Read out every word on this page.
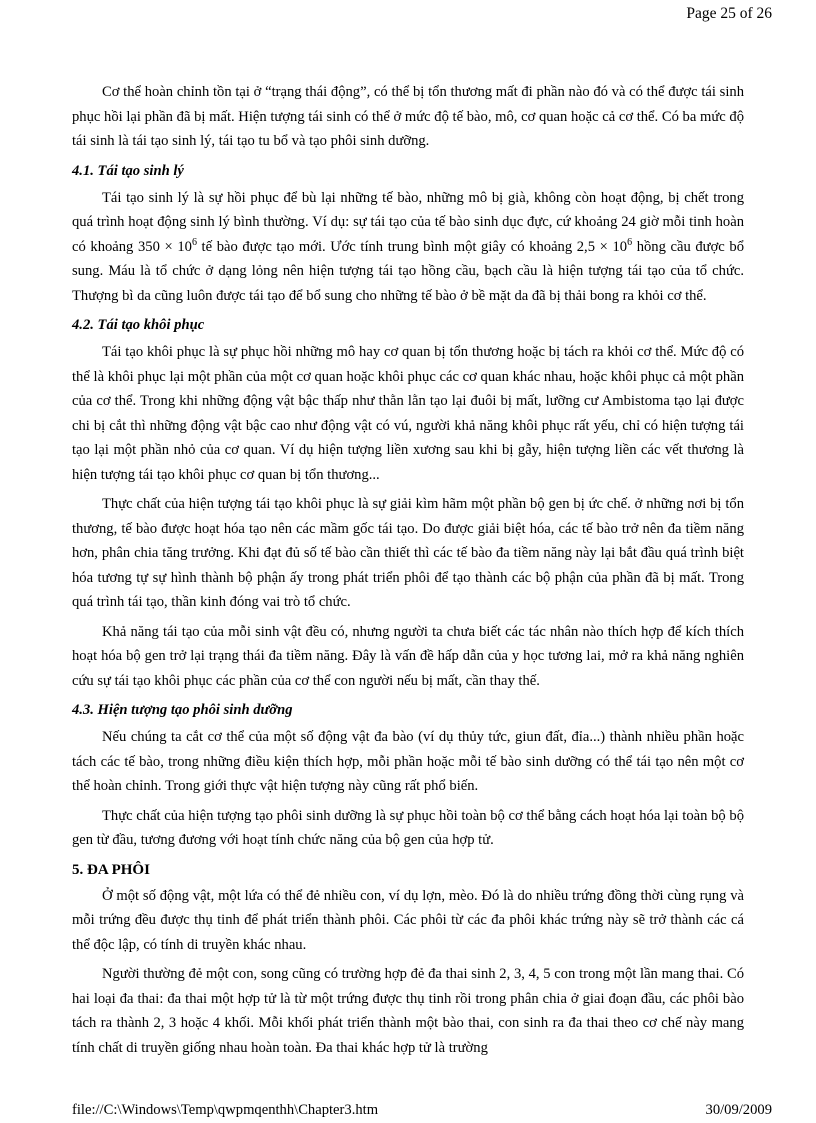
Page 25 of 26

Cơ thể hoàn chỉnh tồn tại ở “trạng thái động”, có thể bị tổn thương mất đi phần nào đó và có thể được tái sinh phục hồi lại phần đã bị mất. Hiện tượng tái sinh có thể ở mức độ tế bào, mô, cơ quan hoặc cả cơ thể. Có ba mức độ tái sinh là tái tạo sinh lý, tái tạo tu bổ và tạo phôi sinh dưỡng.

4.1. Tái tạo sinh lý

Tái tạo sinh lý là sự hồi phục để bù lại những tế bào, những mô bị già, không còn hoạt động, bị chết trong quá trình hoạt động sinh lý bình thường. Ví dụ: sự tái tạo của tế bào sinh dục đực, cứ khoảng 24 giờ mỗi tinh hoàn có khoảng $350 \times 10^6$ tế bào được tạo mới. Ước tính trung bình một giây có khoảng $2,5 \times 10^6$ hồng cầu được bổ sung. Máu là tổ chức ở dạng lỏng nên hiện tượng tái tạo hồng cầu, bạch cầu là hiện tượng tái tạo của tổ chức. Thượng bì da cũng luôn được tái tạo để bổ sung cho những tế bào ở bề mặt da đã bị thải bong ra khỏi cơ thể.

4.2. Tái tạo khôi phục

Tái tạo khôi phục là sự phục hồi những mô hay cơ quan bị tổn thương hoặc bị tách ra khỏi cơ thể. Mức độ có thể là khôi phục lại một phần của một cơ quan hoặc khôi phục các cơ quan khác nhau, hoặc khôi phục cả một phần của cơ thể. Trong khi những động vật bậc thấp như thằn lằn tạo lại đuôi bị mất, lưỡng cư Ambistoma tạo lại được chi bị cắt thì những động vật bậc cao như động vật có vú, người khả năng khôi phục rất yếu, chỉ có hiện tượng tái tạo lại một phần nhỏ của cơ quan. Ví dụ hiện tượng liền xương sau khi bị gẫy, hiện tượng liền các vết thương là hiện tượng tái tạo khôi phục cơ quan bị tổn thương...

Thực chất của hiện tượng tái tạo khôi phục là sự giải kìm hãm một phần bộ gen bị ức chế. ở những nơi bị tổn thương, tế bào được hoạt hóa tạo nên các mầm gốc tái tạo. Do được giải biệt hóa, các tế bào trở nên đa tiềm năng hơn, phân chia tăng trưởng. Khi đạt đủ số tế bào cần thiết thì các tế bào đa tiềm năng này lại bắt đầu quá trình biệt hóa tương tự sự hình thành bộ phận ấy trong phát triển phôi để tạo thành các bộ phận của phần đã bị mất. Trong quá trình tái tạo, thần kinh đóng vai trò tổ chức.

Khả năng tái tạo của mỗi sinh vật đều có, nhưng người ta chưa biết các tác nhân nào thích hợp để kích thích hoạt hóa bộ gen trở lại trạng thái đa tiềm năng. Đây là vấn đề hấp dẫn của y học tương lai, mở ra khả năng nghiên cứu sự tái tạo khôi phục các phần của cơ thể con người nếu bị mất, cần thay thế.

4.3. Hiện tượng tạo phôi sinh dưỡng

Nếu chúng ta cắt cơ thể của một số động vật đa bào (ví dụ thủy tức, giun đất, đỉa...) thành nhiều phần hoặc tách các tế bào, trong những điều kiện thích hợp, mỗi phần hoặc mỗi tế bào sinh dưỡng có thể tái tạo nên một cơ thể hoàn chỉnh. Trong giới thực vật hiện tượng này cũng rất phổ biến.

Thực chất của hiện tượng tạo phôi sinh dưỡng là sự phục hồi toàn bộ cơ thể bằng cách hoạt hóa lại toàn bộ bộ gen từ đầu, tương đương với hoạt tính chức năng của bộ gen của hợp tử.

5. ĐA PHÔI

Ở một số động vật, một lứa có thể đẻ nhiều con, ví dụ lợn, mèo. Đó là do nhiều trứng đồng thời cùng rụng và mỗi trứng đều được thụ tinh để phát triển thành phôi. Các phôi từ các đa phôi khác trứng này sẽ trở thành các cá thể độc lập, có tính di truyền khác nhau.

Người thường đẻ một con, song cũng có trường hợp đẻ đa thai sinh 2, 3, 4, 5 con trong một lần mang thai. Có hai loại đa thai: đa thai một hợp tử là từ một trứng được thụ tinh rồi trong phân chia ở giai đoạn đầu, các phôi bào tách ra thành 2, 3 hoặc 4 khối. Mỗi khối phát triển thành một bào thai, con sinh ra đa thai theo cơ chế này mang tính chất di truyền giống nhau hoàn toàn. Đa thai khác hợp tử là trường

file://C:\Windows\Temp\qwpmqenthh\Chapter3.htm	30/09/2009
